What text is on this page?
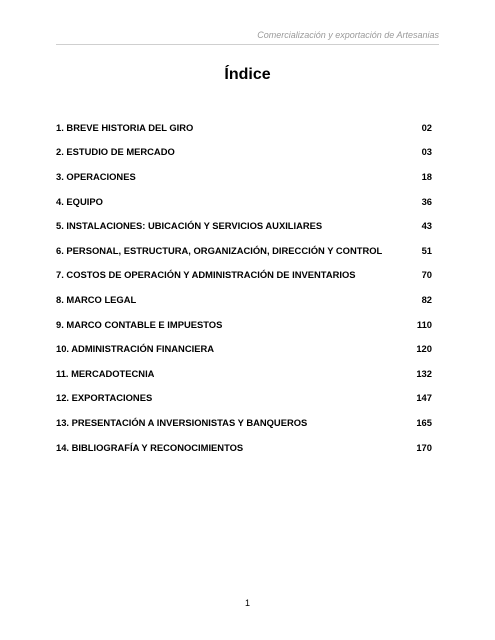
Comercialización y exportación de Artesanias
Índice
1. BREVE HISTORIA DEL GIRO	02
2. ESTUDIO DE MERCADO	03
3. OPERACIONES	18
4. EQUIPO	36
5. INSTALACIONES: UBICACIÓN Y SERVICIOS AUXILIARES	43
6. PERSONAL, ESTRUCTURA, ORGANIZACIÓN, DIRECCIÓN Y CONTROL	51
7. COSTOS DE OPERACIÓN Y ADMINISTRACIÓN DE INVENTARIOS	70
8. MARCO LEGAL	82
9. MARCO CONTABLE E IMPUESTOS	110
10. ADMINISTRACIÓN FINANCIERA	120
11. MERCADOTECNIA	132
12. EXPORTACIONES	147
13. PRESENTACIÓN A INVERSIONISTAS Y BANQUEROS	165
14. BIBLIOGRAFÍA Y RECONOCIMIENTOS	170
1
